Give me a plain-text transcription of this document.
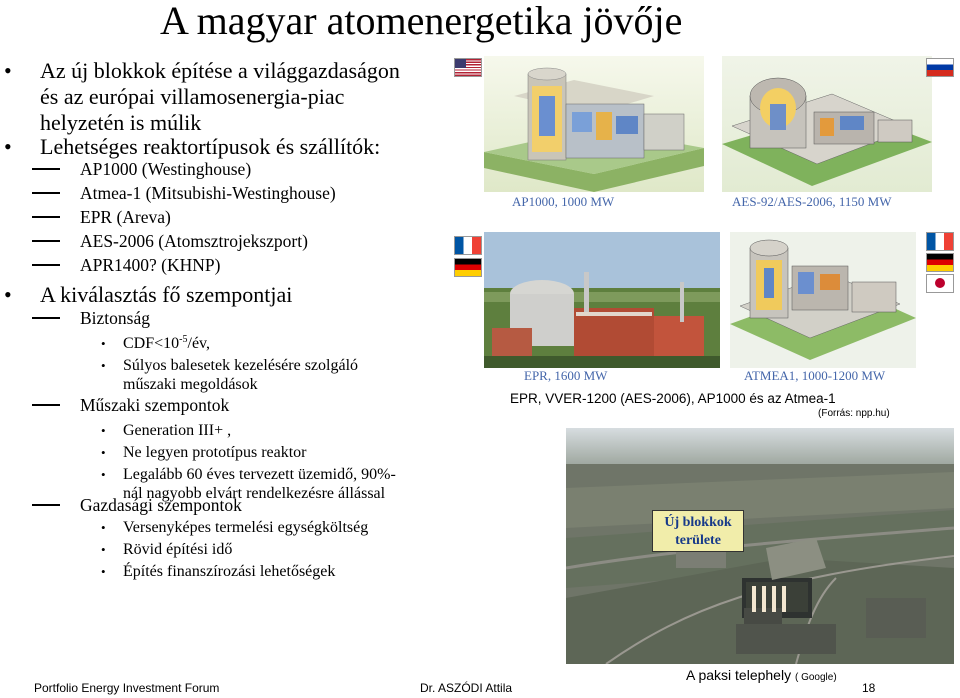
A magyar atomenergetika jövője
• Az új blokkok építése a világgazdaságon
és az európai villamosenergia-piac
helyzetén is múlik
• Lehetséges reaktortípusok és szállítók:
AP1000 (Westinghouse)
Atmea-1 (Mitsubishi-Westinghouse)
EPR (Areva)
AES-2006 (Atomsztrojekszport)
APR1400? (KHNP)
• A kiválasztás fő szempontjai
Biztonság
• $CDF<10^{-5}/év$,
• Súlyos balesetek kezelésére szolgáló
műszaki megoldások
Műszaki szempontok
• Generation III+ ,
• Ne legyen prototípus reaktor
• Legalább 60 éves tervezett üzemidő, 90%-
nál nagyobb elvárt rendelkezésre állással
Gazdasági szempontok
• Versenyképes termelési egységköltség
• Rövid építési idő
• Építés finanszírozási lehetőségek
AP1000, 1000 MW	AES-92/AES-2006, 1150 MW
EPR, 1600 MW	ATMEA1, 1000-1200 MW
EPR, VVER-1200 (AES-2006), AP1000 és az Atmea-1
(Forrás: npp.hu)
Új blokkok
területe
A paksi telephely ( Google)
Portfolio Energy Investment Forum	Dr. ASZÓDI Attila	18
